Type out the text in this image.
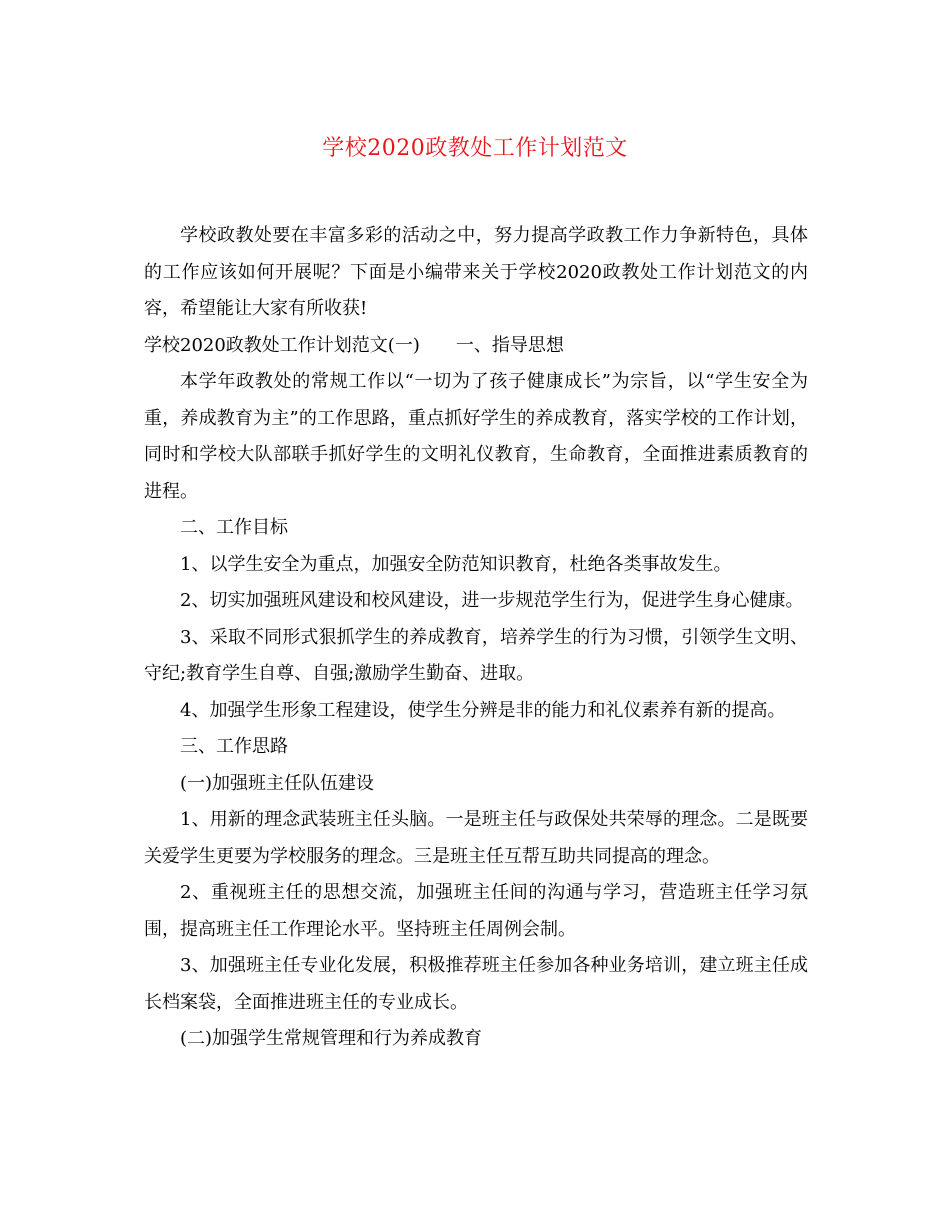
学校2020政教处工作计划范文

学校政教处要在丰富多彩的活动之中，努力提高学政教工作力争新特色，具体的工作应该如何开展呢？下面是小编带来关于学校2020政教处工作计划范文的内容，希望能让大家有所收获!

学校2020政教处工作计划范文(一)　　一、指导思想

本学年政教处的常规工作以“一切为了孩子健康成长”为宗旨，以“学生安全为重，养成教育为主”的工作思路，重点抓好学生的养成教育，落实学校的工作计划，同时和学校大队部联手抓好学生的文明礼仪教育，生命教育，全面推进素质教育的进程。

二、工作目标

1、以学生安全为重点，加强安全防范知识教育，杜绝各类事故发生。

2、切实加强班风建设和校风建设，进一步规范学生行为，促进学生身心健康。

3、采取不同形式狠抓学生的养成教育，培养学生的行为习惯，引领学生文明、守纪;教育学生自尊、自强;激励学生勤奋、进取。

4、加强学生形象工程建设，使学生分辨是非的能力和礼仪素养有新的提高。

三、工作思路

(一)加强班主任队伍建设

1、用新的理念武装班主任头脑。一是班主任与政保处共荣辱的理念。二是既要关爱学生更要为学校服务的理念。三是班主任互帮互助共同提高的理念。

2、重视班主任的思想交流，加强班主任间的沟通与学习，营造班主任学习氛围，提高班主任工作理论水平。坚持班主任周例会制。

3、加强班主任专业化发展，积极推荐班主任参加各种业务培训，建立班主任成长档案袋，全面推进班主任的专业成长。

(二)加强学生常规管理和行为养成教育
